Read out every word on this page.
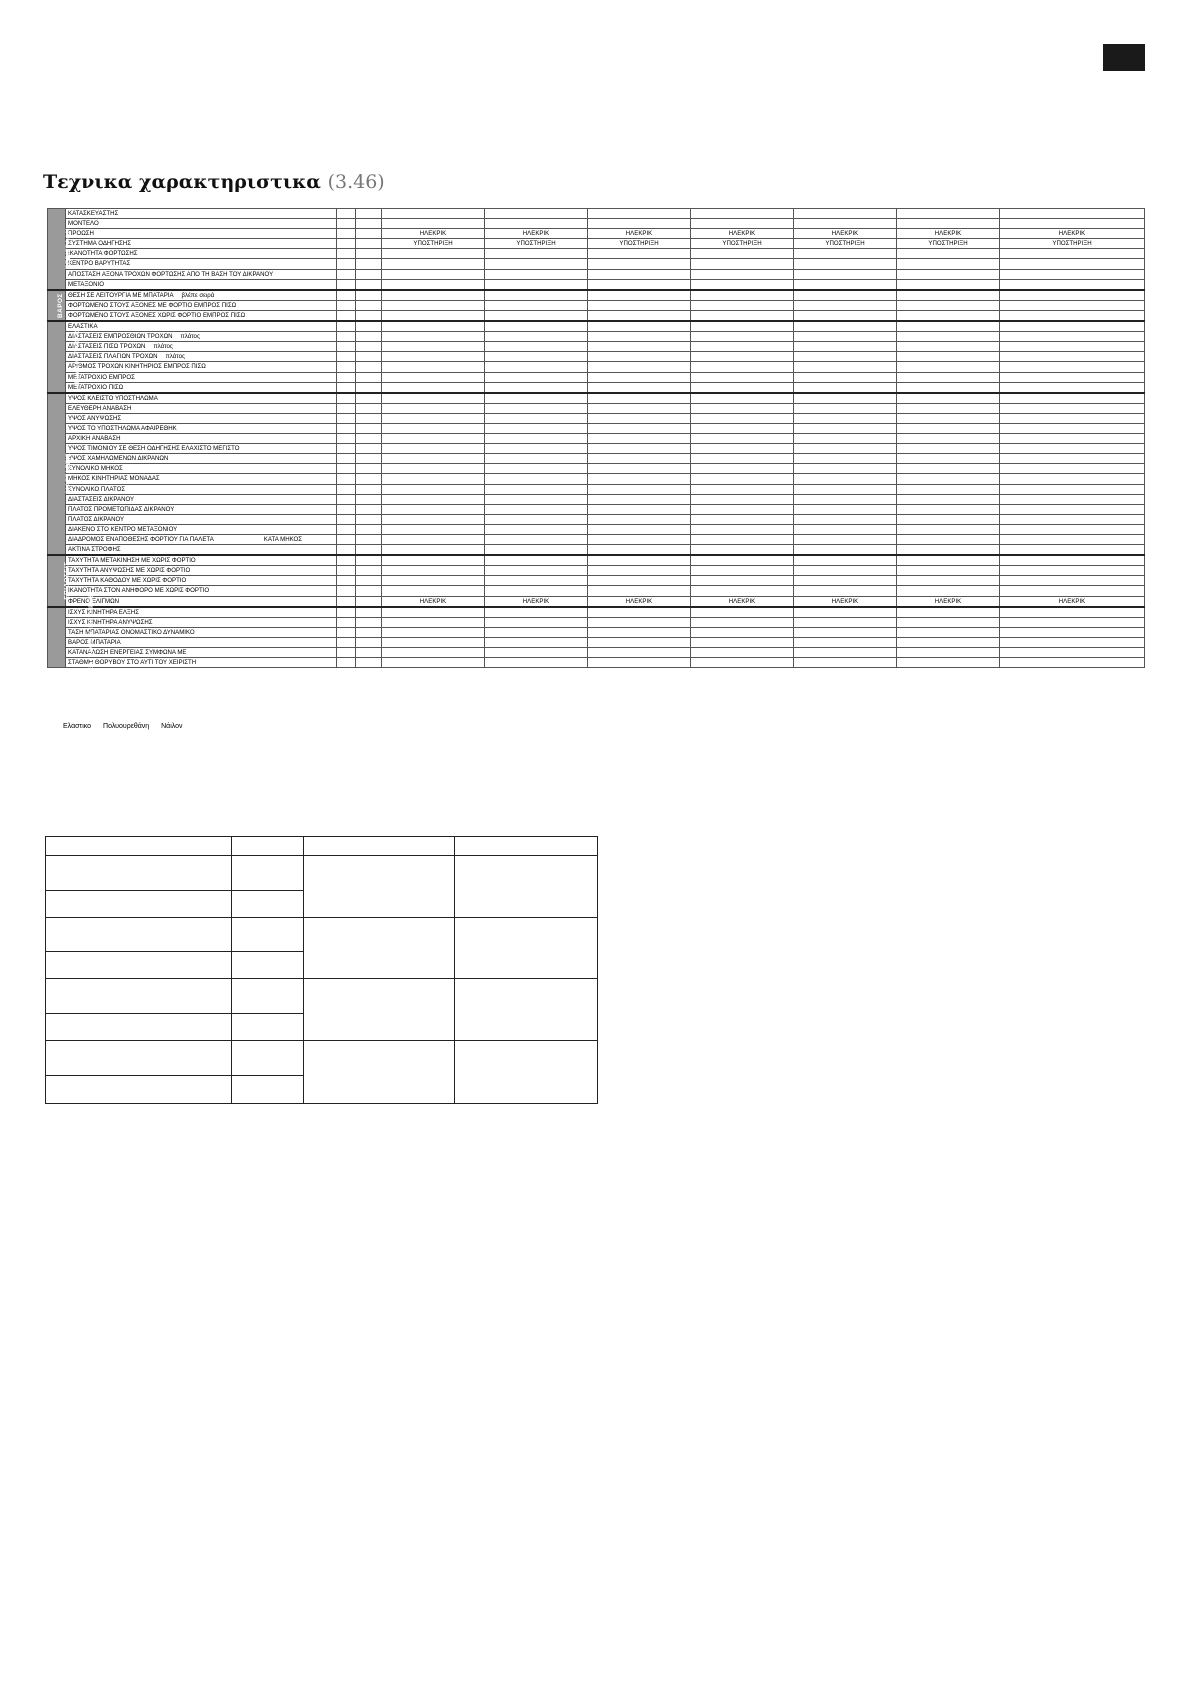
Τεχνικα χαρακτηριστικα (3.46)
ΠΕΡΙΓΡΑΦΗ	ΚΑΤΑΣΚΕΥΑΣΤΗΣ									
	ΜΟΝΤΕΛΟ									
	ΠΡΟΩΣΗ			ΗΛΕΚΡΙΚ	ΗΛΕΚΡΙΚ	ΗΛΕΚΡΙΚ	ΗΛΕΚΡΙΚ	ΗΛΕΚΡΙΚ	ΗΛΕΚΡΙΚ	ΗΛΕΚΡΙΚ
	ΣΥΣΤΗΜΑ ΟΔΗΓΗΣΗΣ			ΥΠΟΣΤΗΡΙΞΗ	ΥΠΟΣΤΗΡΙΞΗ	ΥΠΟΣΤΗΡΙΞΗ	ΥΠΟΣΤΗΡΙΞΗ	ΥΠΟΣΤΗΡΙΞΗ	ΥΠΟΣΤΗΡΙΞΗ	ΥΠΟΣΤΗΡΙΞΗ
	ΙΚΑΝΟΤΗΤΑ ΦΟΡΤΩΣΗΣ									
	ΚΕΝΤΡΟ ΒΑΡΥΤΗΤΑΣ									
	ΑΠΟΣΤΑΣΗ ΑΞΟΝΑ ΤΡΟΧΩΝ ΦΟΡΤΩΣΗΣ ΑΠΟ ΤΗ ΒΑΣΗ ΤΟΥ ΔΙΚΡΑΝΟΥ									
	ΜΕΤΑΞΟΝΙΟ									
ΒΑΡΟΣ	ΘΕΣΗ ΣΕ ΛΕΙΤΟΥΡΓΙΑ ΜΕ ΜΠΑΤΑΡΙΑ βλέπε σειρά									
	ΦΟΡΤΩΜΕΝΟ ΣΤΟΥΣ ΑΞΟΝΕΣ ΜΕ ΦΟΡΤΙΟ ΕΜΠΡΟΣ ΠΙΣΩ									
	ΦΟΡΤΩΜΕΝΟ ΣΤΟΥΣ ΑΞΟΝΕΣ ΧΩΡΙΣ ΦΟΡΤΙΟ ΕΜΠΡΟΣ ΠΙΣΩ									
ΠΛΑΙΣΙΟ ΤΡΟΧΟΙ	ΕΛΑΣΤΙΚΑ									
	ΔΙΑΣΤΑΣΕΙΣ ΕΜΠΡΟΣΘΙΩΝ ΤΡΟΧΩΝ πλάτος									
	ΔΙΑΣΤΑΣΕΙΣ ΠΙΣΩ ΤΡΟΧΩΝ πλάτος									
	ΔΙΑΣΤΑΣΕΙΣ ΠΛΑΓΙΩΝ ΤΡΟΧΩΝ πλάτος									
	ΑΡΙΘΜΟΣ ΤΡΟΧΩΝ ΚΙΝΗΤΗΡΙΟΣ ΕΜΠΡΟΣ ΠΙΣΩ									
	ΜΕΤΑΤΡΟΧΙΟ ΕΜΠΡΟΣ									
	ΜΕΤΑΤΡΟΧΙΟ ΠΙΣΩ									
ΔΙΑΣΤΑΣΕΙΣ	ΥΨΟΣ ΚΛΕΙΣΤΟ ΥΠΟΣΤΗΛΩΜΑ									
	ΕΛΕΥΘΕΡΗ ΑΝΑΒΑΣΗ									
	ΥΨΟΣ ΑΝΥΨΩΣΗΣ									
	ΥΨΟΣ ΤΟ ΥΠΟΣΤΗΛΩΜΑ ΑΦΑΙΡΕΘΗΚ									
	ΑΡΧΙΚΗ ΑΝΑΒΑΣΗ									
	ΥΨΟΣ ΤΙΜΟΝΙΟΥ ΣΕ ΘΕΣΗ ΟΔΗΓΗΣΗΣ ΕΛΑΧΙΣΤΟ ΜΕΓΙΣΤΟ									
	ΥΨΟΣ ΧΑΜΗΛΩΜΕΝΩΝ ΔΙΚΡΑΝΩΝ									
	ΣΥΝΟΛΙΚΟ ΜΗΚΟΣ									
	ΜΗΚΟΣ ΚΙΝΗΤΗΡΙΑΣ ΜΟΝΑΔΑΣ									
	ΣΥΝΟΛΙΚΟ ΠΛΑΤΟΣ									
	ΔΙΑΣΤΑΣΕΙΣ ΔΙΚΡΑΝΟΥ									
	ΠΛΑΤΟΣ ΠΡΟΜΕΤΩΠΙΔΑΣ ΔΙΚΡΑΝΟΥ									
	ΠΛΑΤΟΣ ΔΙΚΡΑΝΟΥ									
	ΔΙΑΚΕΝΟ ΣΤΟ ΚΕΝΤΡΟ ΜΕΤΑΞΟΝΙΟΥ									
	ΔΙΑΔΡΟΜΟΣ ΕΝΑΠΟΘΕΣΗΣ ΦΟΡΤΙΟΥ ΓΙΑ ΠΑΛΕΤΑ ΚΑΤΑ ΜΗΚΟΣ									
	ΑΚΤΙΝΑ ΣΤΡΟΦΗΣ									
ΕΠΙΔΟΣΕΙΣ	ΤΑΧΥΤΗΤΑ ΜΕΤΑΚΙΝΗΣΗ ΜΕ ΧΩΡΙΣ ΦΟΡΤΙΟ									
	ΤΑΧΥΤΗΤΑ ΑΝΥΨΩΣΗΣ ΜΕ ΧΩΡΙΣ ΦΟΡΤΙΟ									
	ΤΑΧΥΤΗΤΑ ΚΑΘΟΔΟΥ ΜΕ ΧΩΡΙΣ ΦΟΡΤΙΟ									
	ΙΚΑΝΟΤΗΤΑ ΣΤΟΝ ΑΝΗΦΟΡΟ ΜΕ ΧΩΡΙΣ ΦΟΡΤΙΟ									
	ΦΡΕΝΟ ΕΛΙΓΜΩΝ			ΗΛΕΚΡΙΚ	ΗΛΕΚΡΙΚ	ΗΛΕΚΡΙΚ	ΗΛΕΚΡΙΚ	ΗΛΕΚΡΙΚ	ΗΛΕΚΡΙΚ	ΗΛΕΚΡΙΚ
ΗΛΕΚΤΡΙΚΟΙ ΚΙΝΗΤΗΡΕΣ	ΙΣΧΥΣ ΚΙΝΗΤΗΡΑ ΕΛΞΗΣ									
	ΙΣΧΥΣ ΚΙΝΗΤΗΡΑ ΑΝΥΨΩΣΗΣ									
	ΤΑΣΗ ΜΠΑΤΑΡΙΑΣ ΟΝΟΜΑΣΤΙΚΟ ΔΥΝΑΜΙΚΟ									
	ΒΑΡΟΣ ΜΠΑΤΑΡΙΑ									
	ΚΑΤΑΝΑΛΩΣΗ ΕΝΕΡΓΕΙΑΣ ΣΥΜΦΩΝΑ ΜΕ									
	ΣΤΑΘΜΗ ΘΟΡΥΒΟΥ ΣΤΟ ΑΥΤΙ ΤΟΥ ΧΕΙΡΙΣΤΗ									
Ελαστικο Πολυουρεθάνη Νάιλον
